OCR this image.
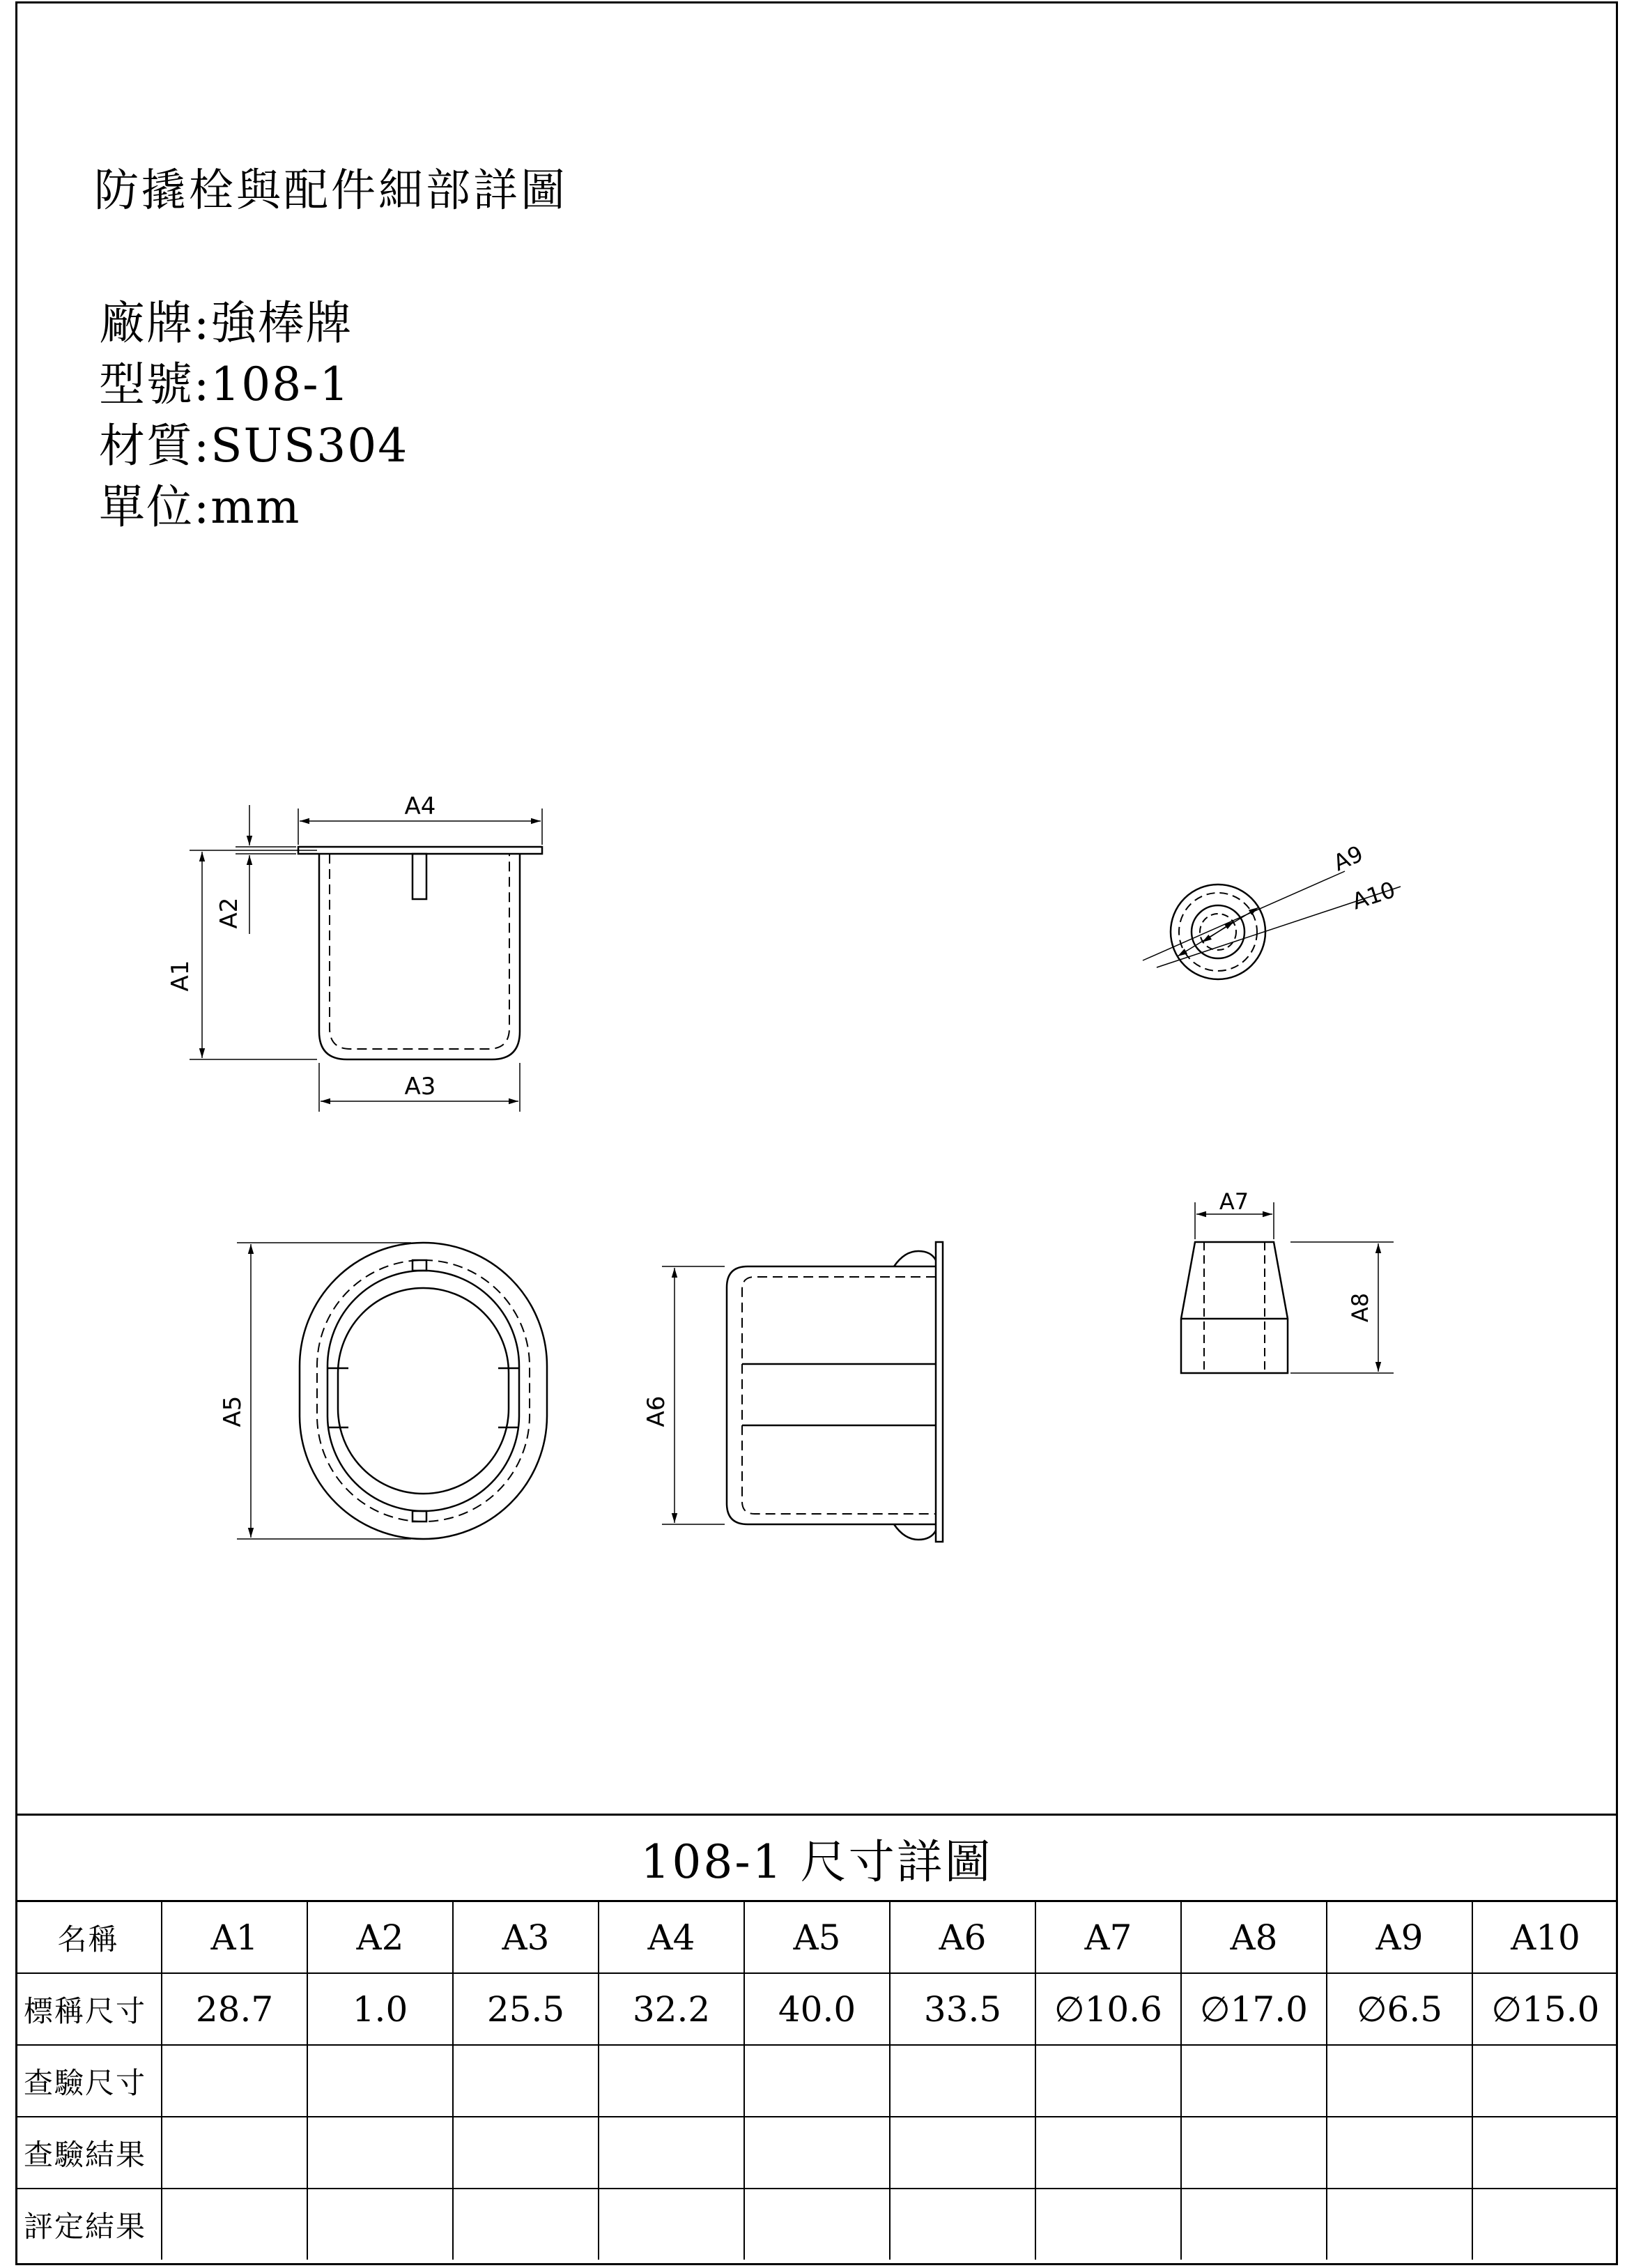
防撬栓與配件細部詳圖
廠牌:強棒牌
型號:108-1
材質:SUS304
單位:mm
A1
A2
A4
A3
A9
A10
A5	A6
A7
A8
108-1 尺寸詳圖
名稱	A1	A2	A3	A4	A5	A6	A7	A8	A9	A10
標稱尺寸	28.7	1.0	25.5	32.2	40.0	33.5	∅10.6	∅17.0	∅6.5	∅15.0
查驗尺寸										
查驗結果										
評定結果										
